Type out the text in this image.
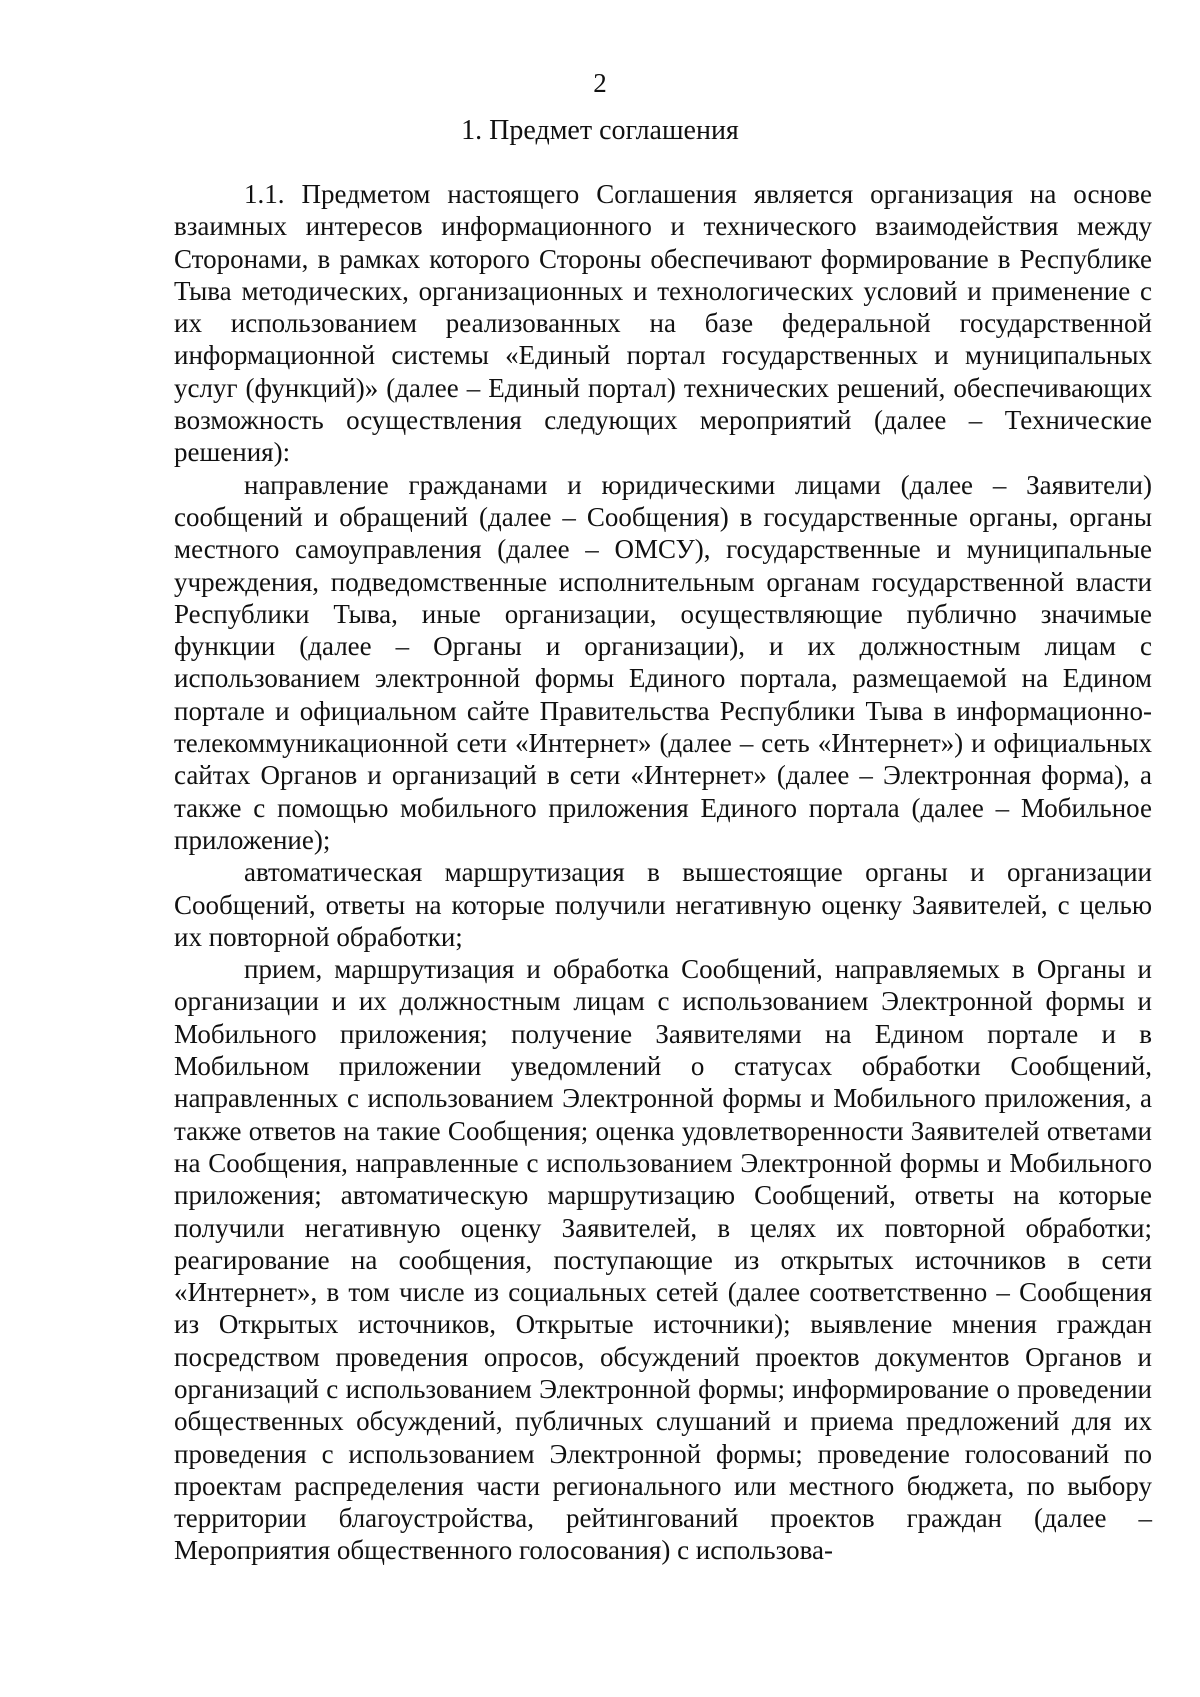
2
1. Предмет соглашения

1.1. Предметом настоящего Соглашения является организация на основе взаимных интересов информационного и технического взаимодействия между Сторонами, в рамках которого Стороны обеспечивают формирование в Республике Тыва методических, организационных и технологических условий и применение с их использованием реализованных на базе федеральной государственной информационной системы «Единый портал государственных и муниципальных услуг (функций)» (далее – Единый портал) технических решений, обеспечивающих возможность осуществления следующих мероприятий (далее – Технические решения):

направление гражданами и юридическими лицами (далее – Заявители) сообщений и обращений (далее – Сообщения) в государственные органы, органы местного самоуправления (далее – ОМСУ), государственные и муниципальные учреждения, подведомственные исполнительным органам государственной власти Республики Тыва, иные организации, осуществляющие публично значимые функции (далее – Органы и организации), и их должностным лицам с использованием электронной формы Единого портала, размещаемой на Едином портале и официальном сайте Правительства Республики Тыва в информационно-телекоммуникационной сети «Интернет» (далее – сеть «Интернет») и официальных сайтах Органов и организаций в сети «Интернет» (далее – Электронная форма), а также с помощью мобильного приложения Единого портала (далее – Мобильное приложение);

автоматическая маршрутизация в вышестоящие органы и организации Сообщений, ответы на которые получили негативную оценку Заявителей, с целью их повторной обработки;

прием, маршрутизация и обработка Сообщений, направляемых в Органы и организации и их должностным лицам с использованием Электронной формы и Мобильного приложения; получение Заявителями на Едином портале и в Мобильном приложении уведомлений о статусах обработки Сообщений, направленных с использованием Электронной формы и Мобильного приложения, а также ответов на такие Сообщения; оценка удовлетворенности Заявителей ответами на Сообщения, направленные с использованием Электронной формы и Мобильного приложения; автоматическую маршрутизацию Сообщений, ответы на которые получили негативную оценку Заявителей, в целях их повторной обработки; реагирование на сообщения, поступающие из открытых источников в сети «Интернет», в том числе из социальных сетей (далее соответственно – Сообщения из Открытых источников, Открытые источники); выявление мнения граждан посредством проведения опросов, обсуждений проектов документов Органов и организаций с использованием Электронной формы; информирование о проведении общественных обсуждений, публичных слушаний и приема предложений для их проведения с использованием Электронной формы; проведение голосований по проектам распределения части регионального или местного бюджета, по выбору территории благоустройства, рейтингований проектов граждан (далее – Мероприятия общественного голосования) с использова-
